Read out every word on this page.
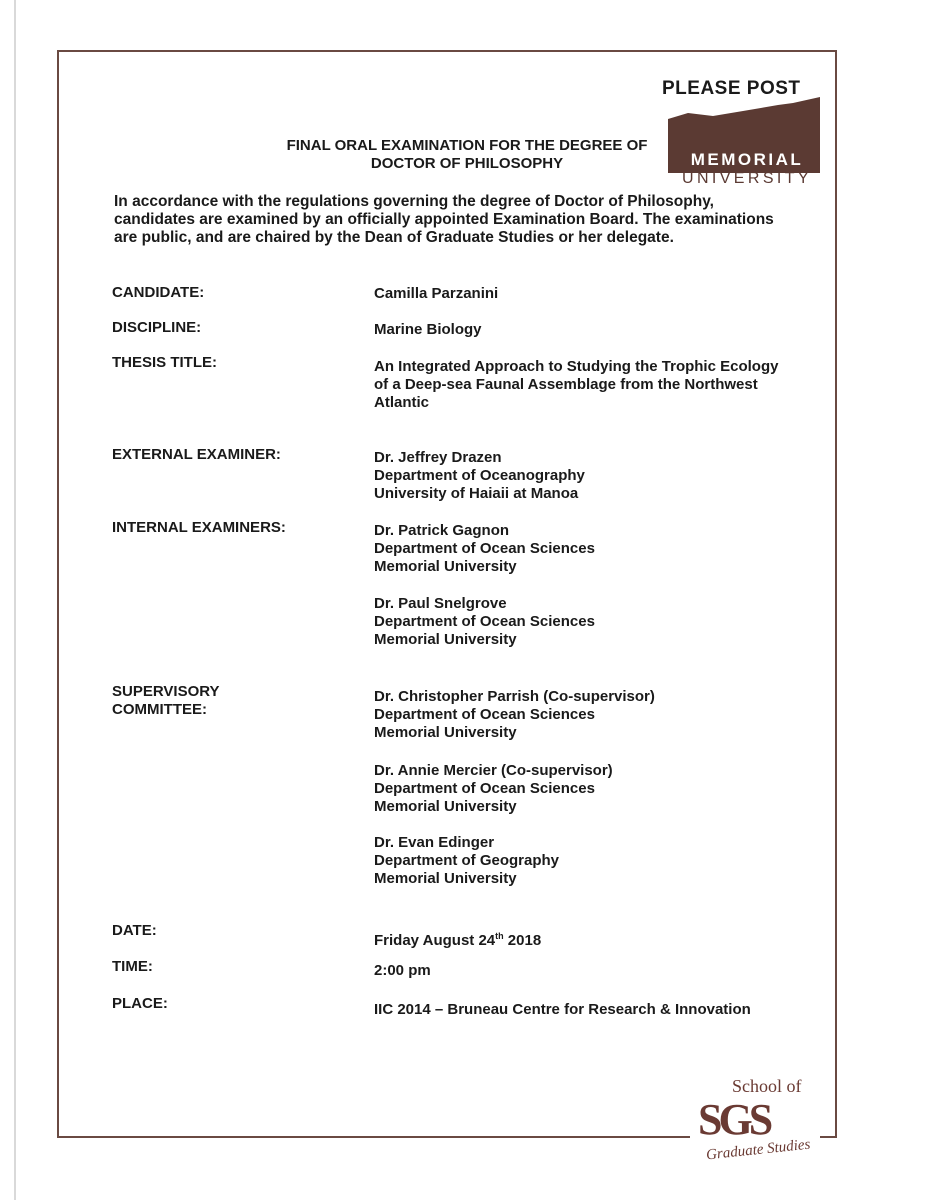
PLEASE POST
MEMORIAL
UNIVERSITY
FINAL ORAL EXAMINATION FOR THE DEGREE OF
DOCTOR OF PHILOSOPHY
In accordance with the regulations governing the degree of Doctor of Philosophy,
candidates are examined by an officially appointed Examination Board. The examinations
are public, and are chaired by the Dean of Graduate Studies or her delegate.
CANDIDATE:	Camilla Parzanini
DISCIPLINE:	Marine Biology
THESIS TITLE:	An Integrated Approach to Studying the Trophic Ecology
of a Deep-sea Faunal Assemblage from the Northwest
Atlantic
EXTERNAL EXAMINER:	Dr. Jeffrey Drazen
Department of Oceanography
University of Haiaii at Manoa
INTERNAL EXAMINERS:	Dr. Patrick Gagnon
Department of Ocean Sciences
Memorial University
Dr. Paul Snelgrove
Department of Ocean Sciences
Memorial University
SUPERVISORY
COMMITTEE:
Dr. Christopher Parrish (Co-supervisor)
Department of Ocean Sciences
Memorial University
Dr. Annie Mercier (Co-supervisor)
Department of Ocean Sciences
Memorial University
Dr. Evan Edinger
Department of Geography
Memorial University
DATE:
Friday August 24th 2018
TIME:	2:00 pm
PLACE:	IIC 2014 – Bruneau Centre for Research & Innovation
School of
SGS
Graduate Studies
